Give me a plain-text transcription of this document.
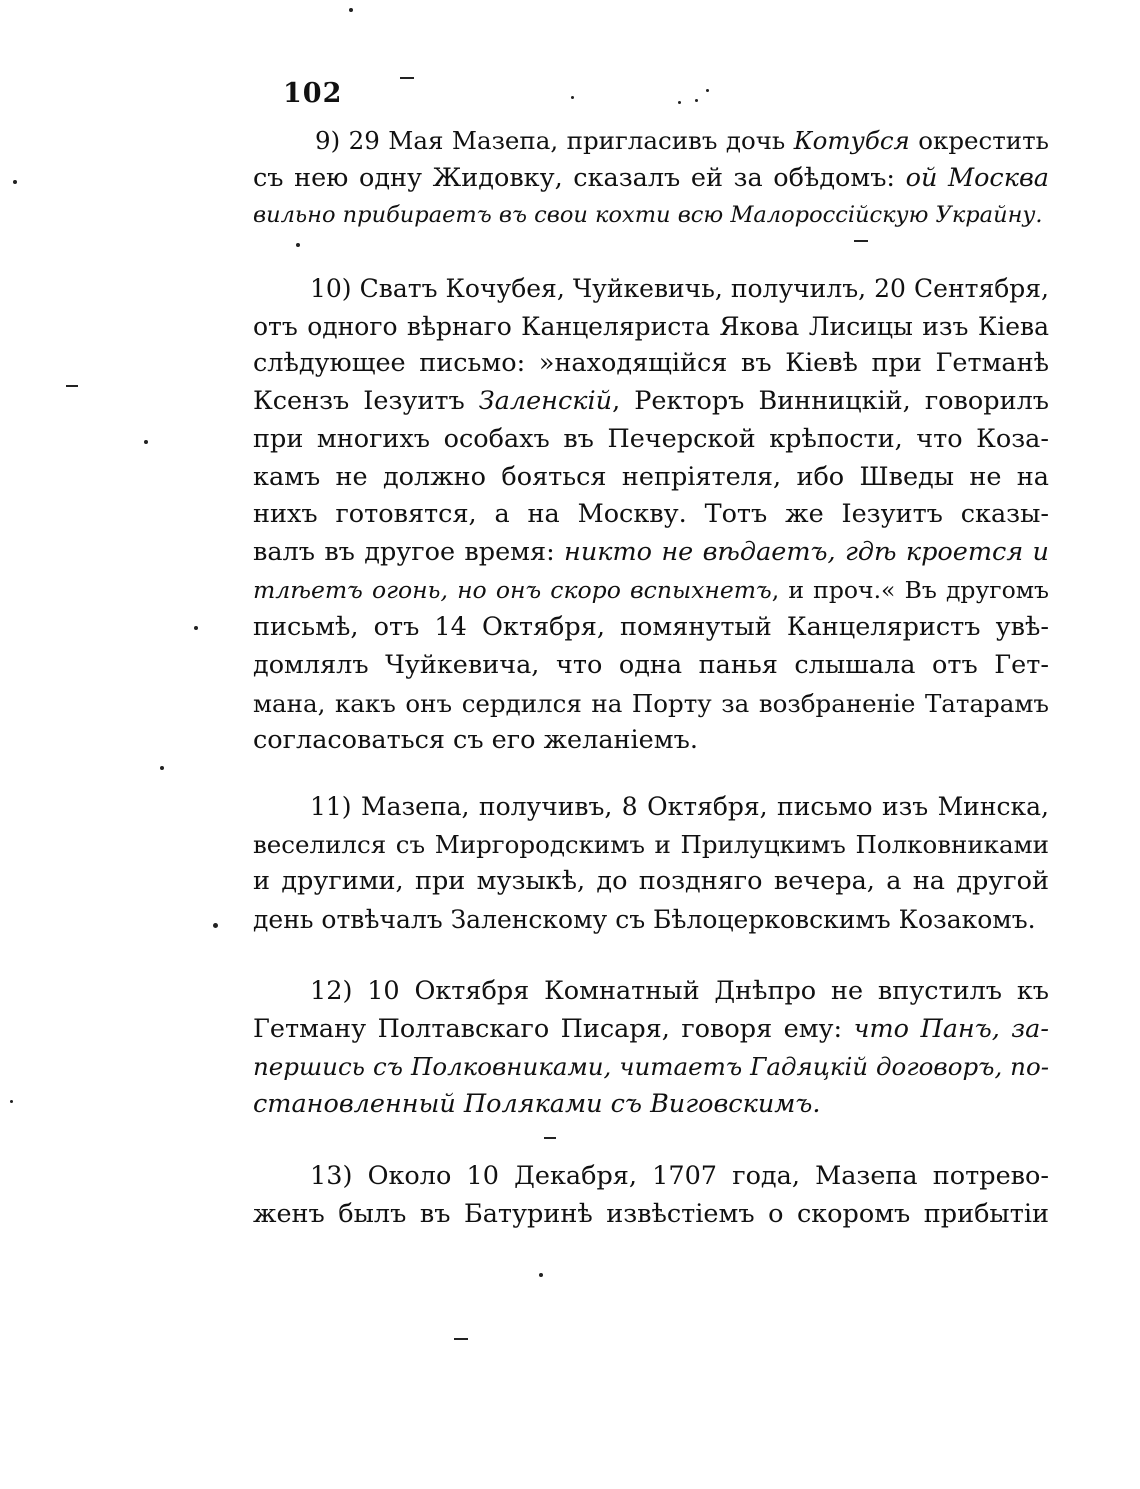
102
9) 29 Мая Мазепа, пригласивъ дочь Котубся окрестить
съ нею одну Жидовку, сказалъ ей за обѣдомъ: ой Москва
вильно прибираетъ въ свои кохти всю Малороссійскую Украйну.
10) Сватъ Кочубея, Чуйкевичь, получилъ, 20 Сентября,
отъ одного вѣрнаго Канцеляриста Якова Лисицы изъ Кіева
слѣдующее письмо: »находящійся въ Кіевѣ при Гетманѣ
Ксензъ Іезуитъ Заленскій, Ректоръ Винницкій, говорилъ
при многихъ особахъ въ Печерской крѣпости, что Коза-
камъ не должно бояться непріятеля, ибо Шведы не на
нихъ готовятся, а на Москву. Тотъ же Іезуитъ сказы-
валъ въ другое время: никто не вѣдаетъ, гдѣ кроется и
тлѣетъ огонь, но онъ скоро вспыхнетъ, и проч.« Въ другомъ
письмѣ, отъ 14 Октября, помянутый Канцеляристъ увѣ-
домлялъ Чуйкевича, что одна панья слышала отъ Гет-
мана, какъ онъ сердился на Порту за возбраненіе Татарамъ
согласоваться съ его желаніемъ.
11) Мазепа, получивъ, 8 Октября, письмо изъ Минска,
веселился съ Миргородскимъ и Прилуцкимъ Полковниками
и другими, при музыкѣ, до поздняго вечера, а на другой
день отвѣчалъ Заленскому съ Бѣлоцерковскимъ Козакомъ.
12) 10 Октября Комнатный Днѣпро не впустилъ къ
Гетману Полтавскаго Писаря, говоря ему: что Панъ, за-
першись съ Полковниками, читаетъ Гадяцкій договоръ, по-
становленный Поляками съ Виговскимъ.
13) Около 10 Декабря, 1707 года, Мазепа потревo-
женъ былъ въ Батуринѣ извѣстіемъ о скоромъ прибытіи
